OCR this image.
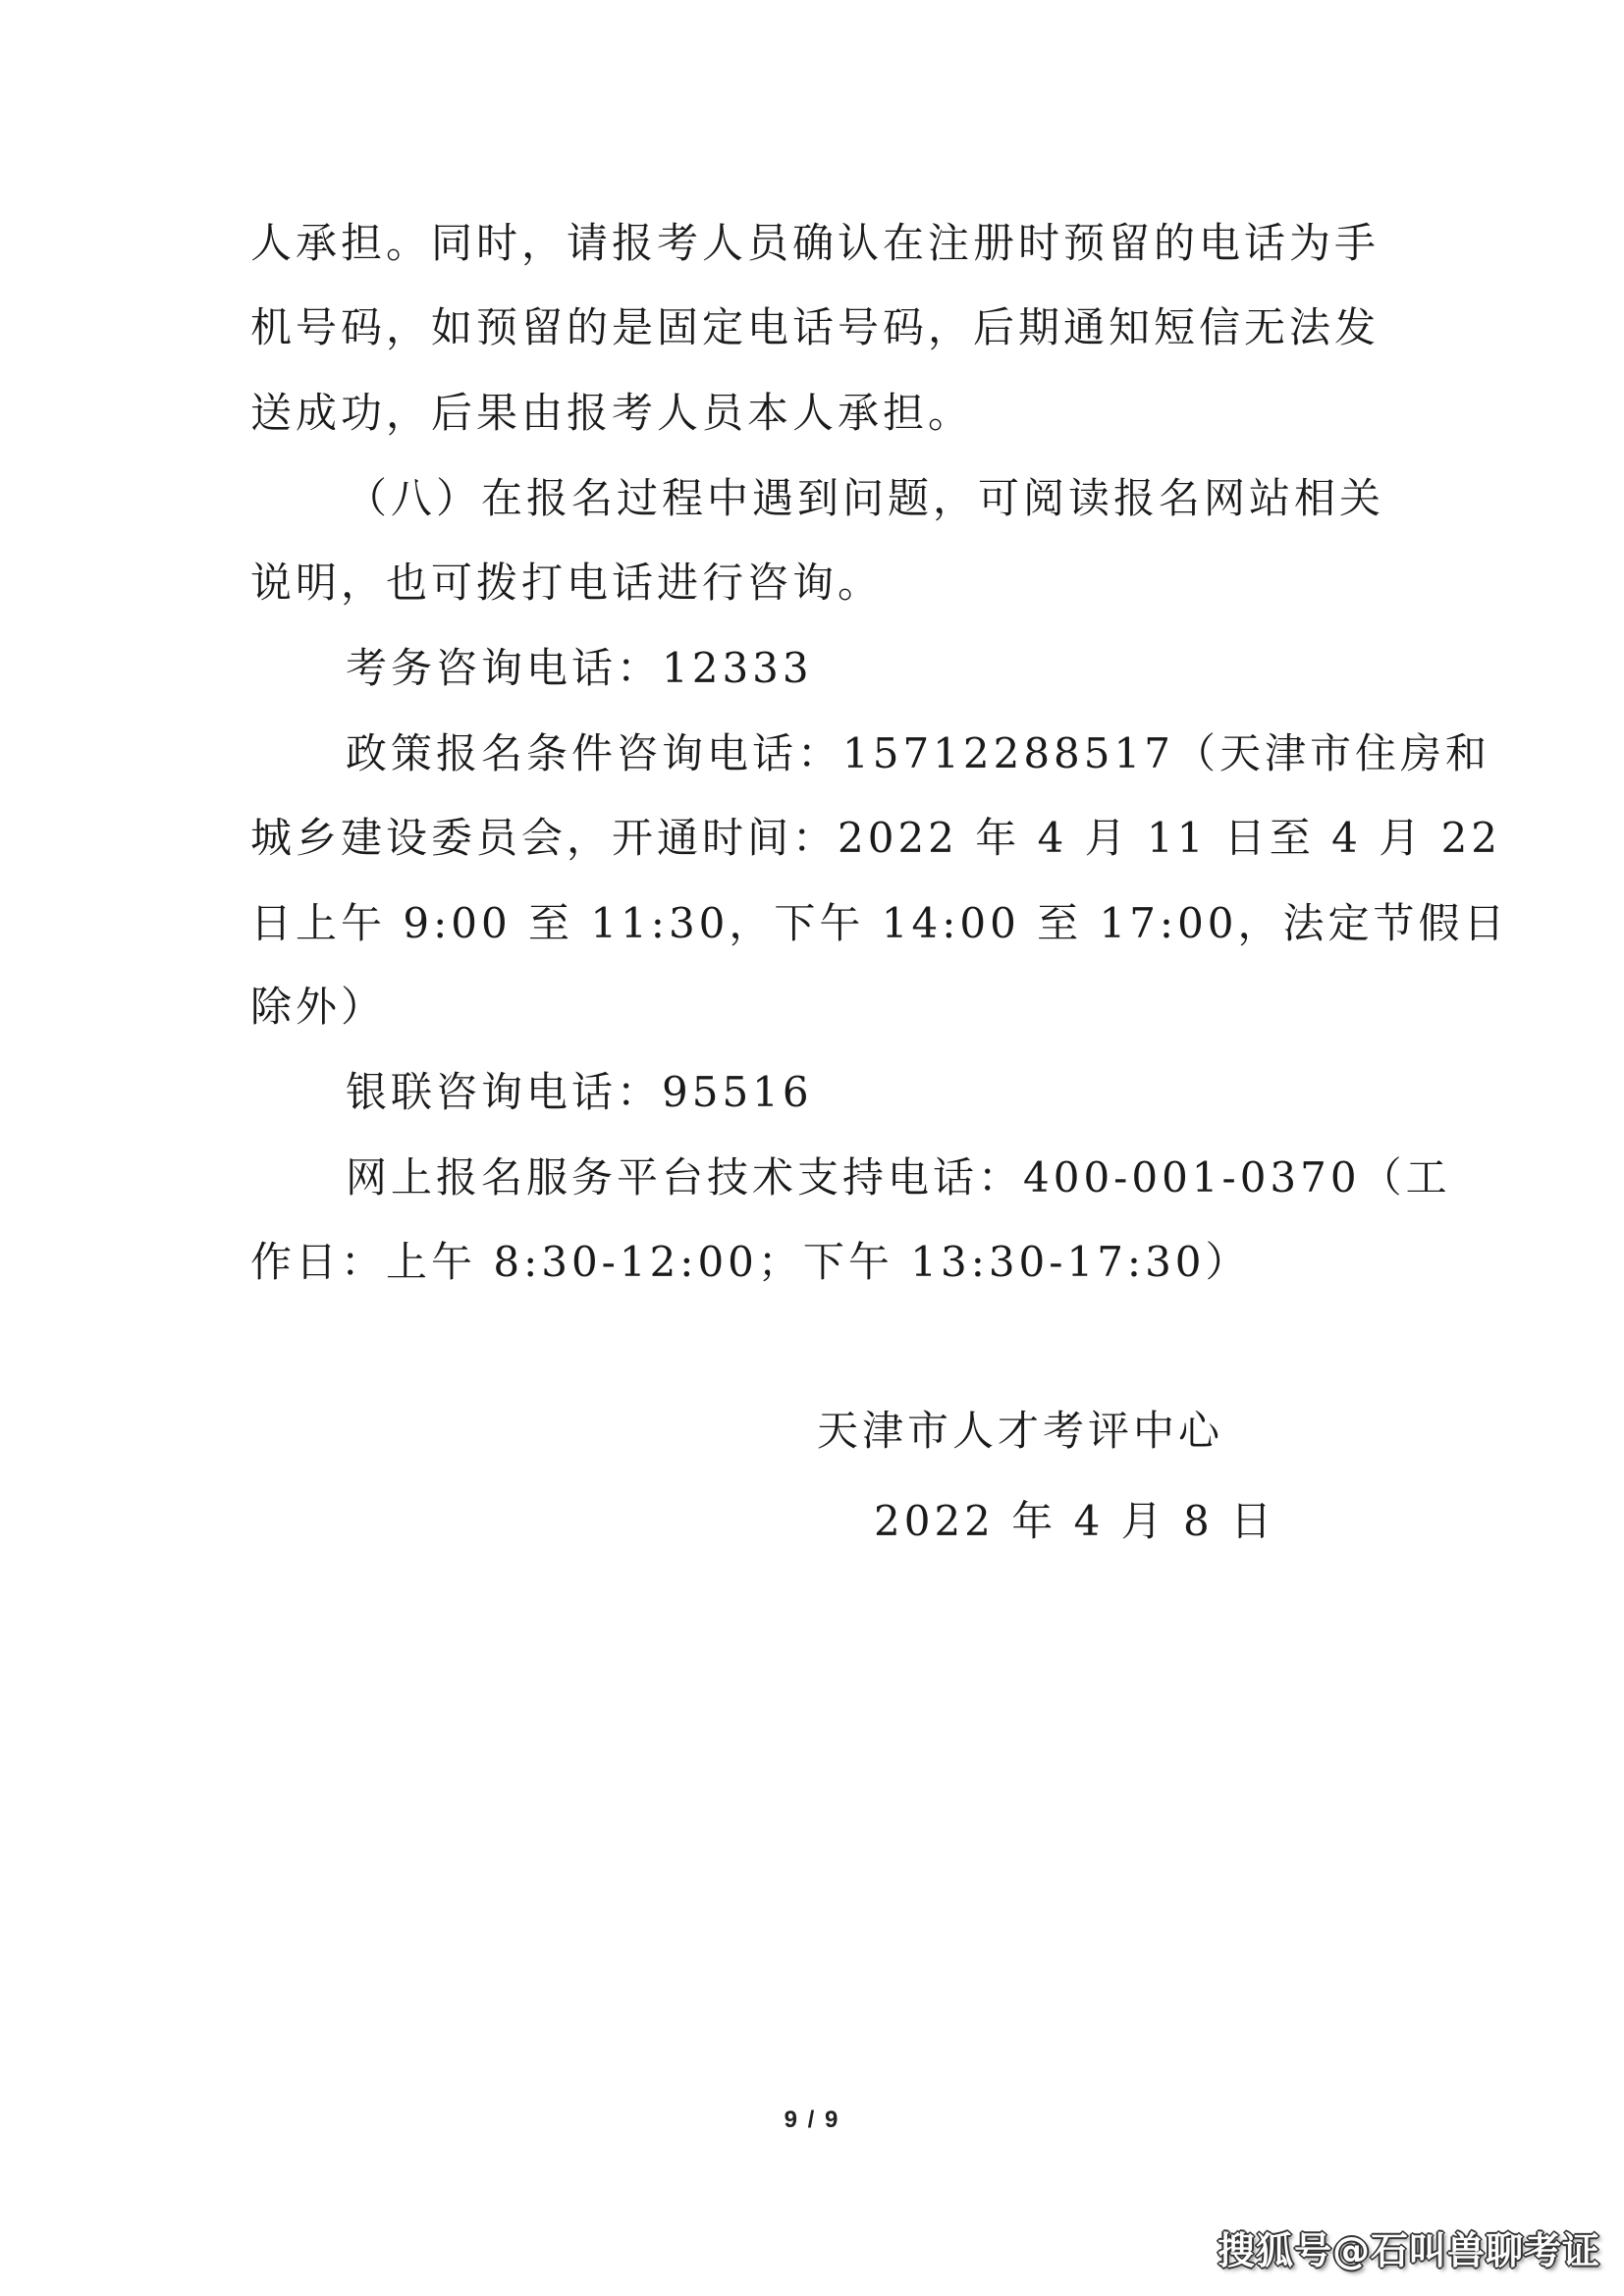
人承担。同时，请报考人员确认在注册时预留的电话为手
机号码，如预留的是固定电话号码，后期通知短信无法发
送成功，后果由报考人员本人承担。
（八）在报名过程中遇到问题，可阅读报名网站相关
说明，也可拨打电话进行咨询。
考务咨询电话：12333
政策报名条件咨询电话：15712288517（天津市住房和
城乡建设委员会，开通时间：2022 年 4 月 11 日至 4 月 22
日上午 9:00 至 11:30，下午 14:00 至 17:00，法定节假日
除外）
银联咨询电话：95516
网上报名服务平台技术支持电话：400-001-0370（工
作日：上午 8:30-12:00；下午 13:30-17:30）
天津市人才考评中心
2022 年 4 月 8 日
9 / 9
搜狐号@石叫兽聊考证
